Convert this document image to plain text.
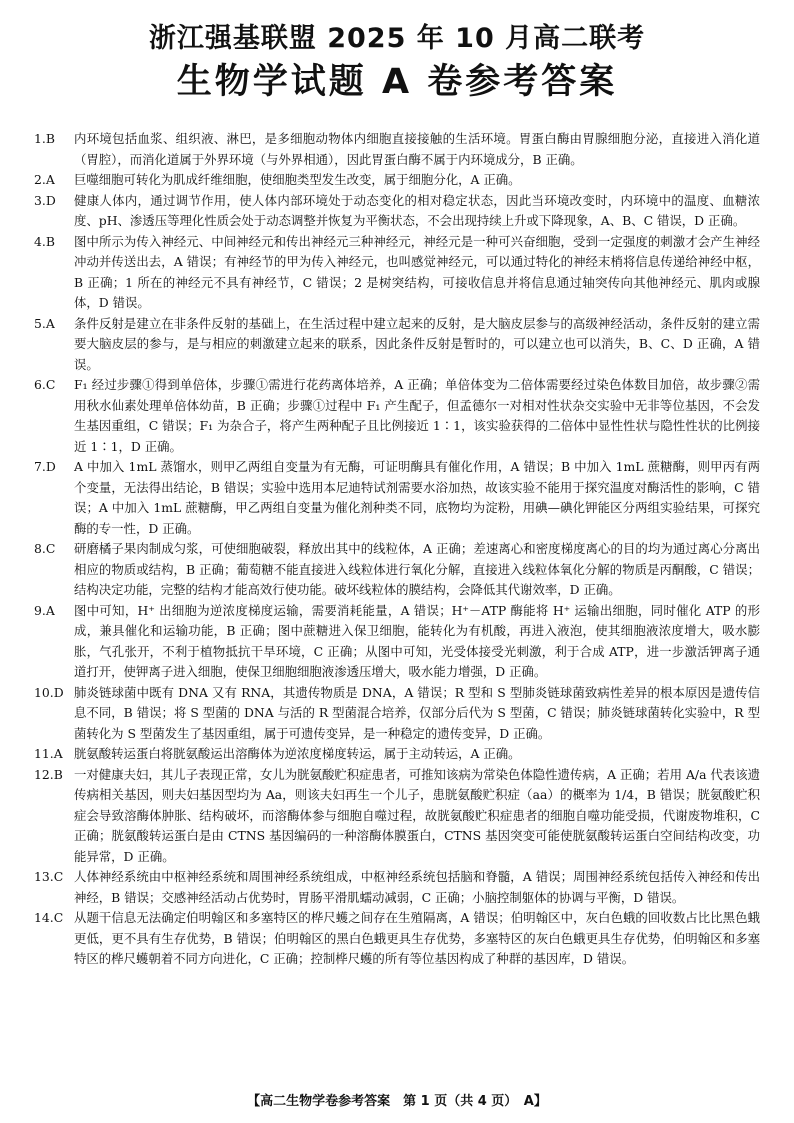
浙江强基联盟 2025 年 10 月高二联考
生物学试题 A 卷参考答案
1.B 内环境包括血浆、组织液、淋巴，是多细胞动物体内细胞直接接触的生活环境。胃蛋白酶由胃腺细胞分泌，直接进入消化道（胃腔），而消化道属于外界环境（与外界相通），因此胃蛋白酶不属于内环境成分，B 正确。
2.A 巨噬细胞可转化为肌成纤维细胞，使细胞类型发生改变，属于细胞分化，A 正确。
3.D 健康人体内，通过调节作用，使人体内部环境处于动态变化的相对稳定状态，因此当环境改变时，内环境中的温度、血糖浓度、pH、渗透压等理化性质会处于动态调整并恢复为平衡状态，不会出现持续上升或下降现象，A、B、C 错误，D 正确。
4.B 图中所示为传入神经元、中间神经元和传出神经元三种神经元，神经元是一种可兴奋细胞，受到一定强度的刺激才会产生神经冲动并传送出去，A 错误；有神经节的甲为传入神经元，也叫感觉神经元，可以通过特化的神经末梢将信息传递给神经中枢，B 正确；1 所在的神经元不具有神经节，C 错误；2 是树突结构，可接收信息并将信息通过轴突传向其他神经元、肌肉或腺体，D 错误。
5.A 条件反射是建立在非条件反射的基础上，在生活过程中建立起来的反射，是大脑皮层参与的高级神经活动，条件反射的建立需要大脑皮层的参与，是与相应的刺激建立起来的联系，因此条件反射是暂时的，可以建立也可以消失，B、C、D 正确，A 错误。
6.C F₁ 经过步骤①得到单倍体，步骤①需进行花药离体培养，A 正确；单倍体变为二倍体需要经过染色体数目加倍，故步骤②需用秋水仙素处理单倍体幼苗，B 正确；步骤①过程中 F₁ 产生配子，但孟德尔一对相对性状杂交实验中无非等位基因，不会发生基因重组，C 错误；F₁ 为杂合子，将产生两种配子且比例接近 1∶1，该实验获得的二倍体中显性性状与隐性性状的比例接近 1∶1，D 正确。
7.D A 中加入 1mL 蒸馏水，则甲乙两组自变量为有无酶，可证明酶具有催化作用，A 错误；B 中加入 1mL 蔗糖酶，则甲丙有两个变量，无法得出结论，B 错误；实验中选用本尼迪特试剂需要水浴加热，故该实验不能用于探究温度对酶活性的影响，C 错误；A 中加入 1mL 蔗糖酶，甲乙两组自变量为催化剂种类不同，底物均为淀粉，用碘—碘化钾能区分两组实验结果，可探究酶的专一性，D 正确。
8.C 研磨橘子果肉制成匀浆，可使细胞破裂，释放出其中的线粒体，A 正确；差速离心和密度梯度离心的目的均为通过离心分离出相应的物质或结构，B 正确；葡萄糖不能直接进入线粒体进行氧化分解，直接进入线粒体氧化分解的物质是丙酮酸，C 错误；结构决定功能，完整的结构才能高效行使功能。破坏线粒体的膜结构，会降低其代谢效率，D 正确。
9.A 图中可知，H⁺ 出细胞为逆浓度梯度运输，需要消耗能量，A 错误；H⁺－ATP 酶能将 H⁺ 运输出细胞，同时催化 ATP 的形成，兼具催化和运输功能，B 正确；图中蔗糖进入保卫细胞，能转化为有机酸，再进入液泡，使其细胞液浓度增大，吸水膨胀，气孔张开，不利于植物抵抗干旱环境，C 正确；从图中可知，光受体接受光刺激，利于合成 ATP，进一步激活钾离子通道打开，使钾离子进入细胞，使保卫细胞细胞液渗透压增大，吸水能力增强，D 正确。
10.D 肺炎链球菌中既有 DNA 又有 RNA，其遗传物质是 DNA，A 错误；R 型和 S 型肺炎链球菌致病性差异的根本原因是遗传信息不同，B 错误；将 S 型菌的 DNA 与活的 R 型菌混合培养，仅部分后代为 S 型菌，C 错误；肺炎链球菌转化实验中，R 型菌转化为 S 型菌发生了基因重组，属于可遗传变异，是一种稳定的遗传变异，D 正确。
11.A 胱氨酸转运蛋白将胱氨酸运出溶酶体为逆浓度梯度转运，属于主动转运，A 正确。
12.B 一对健康夫妇，其儿子表现正常，女儿为胱氨酸贮积症患者，可推知该病为常染色体隐性遗传病，A 正确；若用 A/a 代表该遗传病相关基因，则夫妇基因型均为 Aa，则该夫妇再生一个儿子，患胱氨酸贮积症（aa）的概率为 1/4，B 错误；胱氨酸贮积症会导致溶酶体肿胀、结构破坏，而溶酶体参与细胞自噬过程，故胱氨酸贮积症患者的细胞自噬功能受损，代谢废物堆积，C 正确；胱氨酸转运蛋白是由 CTNS 基因编码的一种溶酶体膜蛋白，CTNS 基因突变可能使胱氨酸转运蛋白空间结构改变，功能异常，D 正确。
13.C 人体神经系统由中枢神经系统和周围神经系统组成，中枢神经系统包括脑和脊髓，A 错误；周围神经系统包括传入神经和传出神经，B 错误；交感神经活动占优势时，胃肠平滑肌蠕动减弱，C 正确；小脑控制躯体的协调与平衡，D 错误。
14.C 从题干信息无法确定伯明翰区和多塞特区的桦尺蠖之间存在生殖隔离，A 错误；伯明翰区中，灰白色蛾的回收数占比比黑色蛾更低，更不具有生存优势，B 错误；伯明翰区的黑白色蛾更具生存优势，多塞特区的灰白色蛾更具生存优势，伯明翰区和多塞特区的桦尺蠖朝着不同方向进化，C 正确；控制桦尺蠖的所有等位基因构成了种群的基因库，D 错误。
【高二生物学卷参考答案　第 1 页（共 4 页）　A】
